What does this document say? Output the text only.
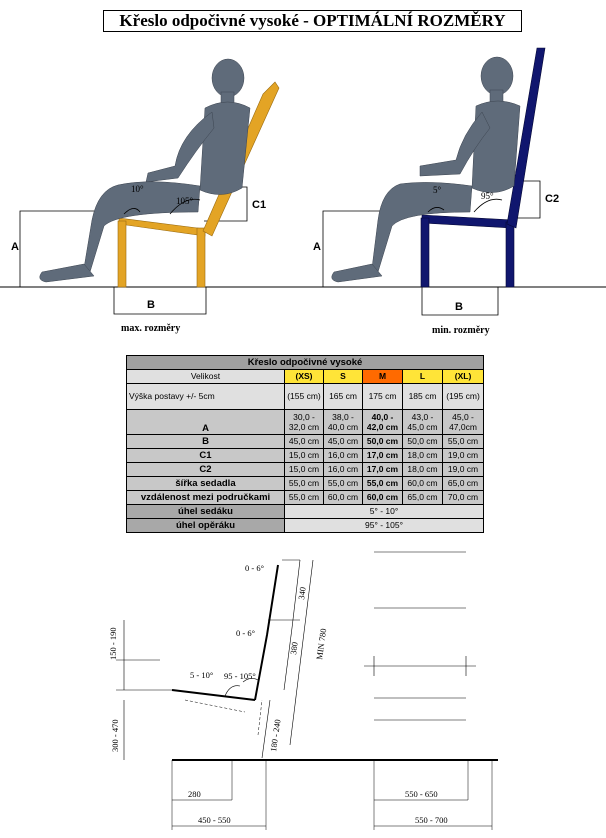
Křeslo odpočivné vysoké - OPTIMÁLNÍ ROZMĚRY
A
B
max. rozměry
C1
10°
105°
A
B
min. rozměry
C2
5°
95°
0 - 6°
0 - 6°
5 - 10° 95 - 105°
340
380 MIN 780
150 - 190
300 - 470	180 - 240
280
450 - 550
550 - 650
550 - 700
Křeslo odpočivné vysoké					
Velikost	(XS)	S	M	L	(XL)
Výška postavy +/- 5cm	(155 cm)	165 cm	175 cm	185 cm	(195 cm)
A	30,0 - 32,0 cm	38,0 - 40,0 cm	40,0 - 42,0 cm	43,0 - 45,0 cm	45,0 - 47,0cm
B	45,0 cm	45,0 cm	50,0 cm	50,0 cm	55,0 cm
C1	15,0 cm	16,0 cm	17,0 cm	18,0 cm	19,0 cm
C2	15,0 cm	16,0 cm	17,0 cm	18,0 cm	19,0 cm
šířka sedadla	55,0 cm	55,0 cm	55,0 cm	60,0 cm	65,0 cm
vzdálenost mezi područkami	55,0 cm	60,0 cm	60,0 cm	65,0 cm	70,0 cm
úhel sedáku	5° - 10°				
úhel opěráku	95° - 105°				
